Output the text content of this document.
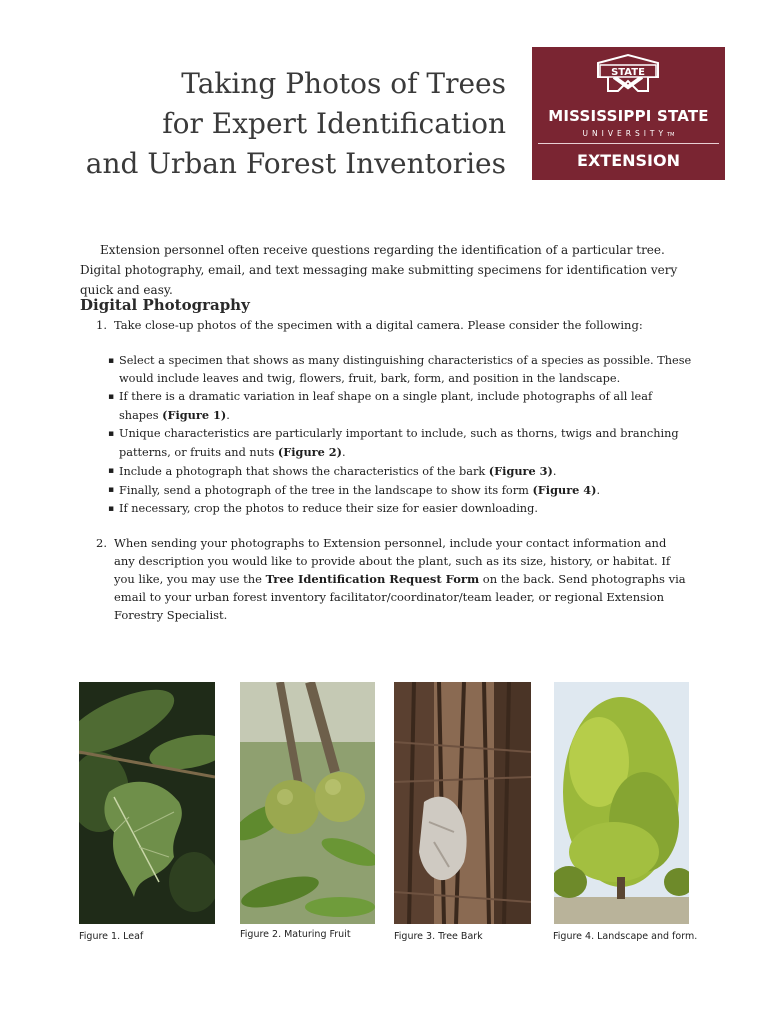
Taking Photos of Trees
for Expert Identification
and Urban Forest Inventories
STATE
MISSISSIPPI STATE
UNIVERSITYTM
EXTENSION

Extension personnel often receive questions regarding the identification of a particular tree. Digital photography, email, and text messaging make submitting specimens for identification very quick and easy.

Digital Photography
1. Take close-up photos of the specimen with a digital camera. Please consider the following:
▪ Select a specimen that shows as many distinguishing characteristics of a species as possible. These would include leaves and twig, flowers, fruit, bark, form, and position in the landscape.
▪ If there is a dramatic variation in leaf shape on a single plant, include photographs of all leaf shapes (Figure 1).
▪ Unique characteristics are particularly important to include, such as thorns, twigs and branching patterns, or fruits and nuts (Figure 2).
▪ Include a photograph that shows the characteristics of the bark (Figure 3).
▪ Finally, send a photograph of the tree in the landscape to show its form (Figure 4).
▪ If necessary, crop the photos to reduce their size for easier downloading.
2. When sending your photographs to Extension personnel, include your contact information and any description you would like to provide about the plant, such as its size, history, or habitat. If you like, you may use the Tree Identification Request Form on the back. Send photographs via email to your urban forest inventory facilitator/coordinator/team leader, or regional Extension Forestry Specialist.
Figure 1. Leaf	Figure 2. Maturing Fruit	Figure 3. Tree Bark	Figure 4. Landscape and form.
